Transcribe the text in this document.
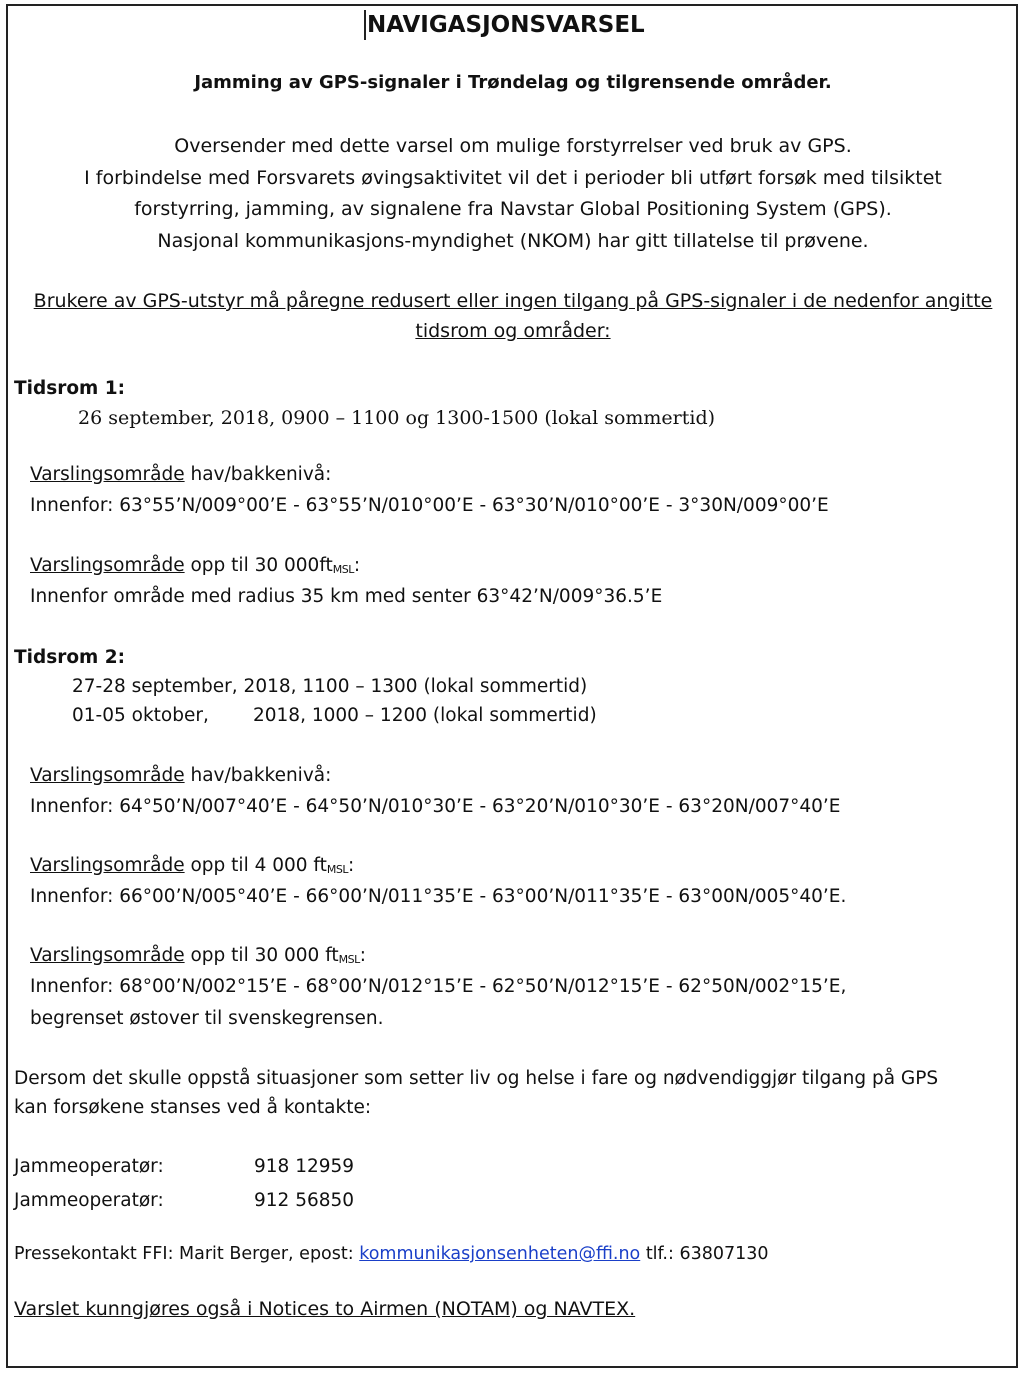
NAVIGASJONSVARSEL
Jamming av GPS-signaler i Trøndelag og tilgrensende områder.
Oversender med dette varsel om mulige forstyrrelser ved bruk av GPS.
I forbindelse med Forsvarets øvingsaktivitet vil det i perioder bli utført forsøk med tilsiktet
forstyrring, jamming, av signalene fra Navstar Global Positioning System (GPS).
Nasjonal kommunikasjons-myndighet (NKOM) har gitt tillatelse til prøvene.
Brukere av GPS-utstyr må påregne redusert eller ingen tilgang på GPS-signaler i de nedenfor angitte
tidsrom og områder:
Tidsrom 1:
26 september, 2018, 0900 – 1100 og 1300-1500 (lokal sommertid)
Varslingsområde hav/bakkenivå:
Innenfor: 63°55’N/009°00’E - 63°55’N/010°00’E - 63°30’N/010°00’E - 3°30N/009°00’E
Varslingsområde opp til 30 $000ft_{MSL}$:
Innenfor område med radius 35 km med senter 63°42’N/009°36.5’E
Tidsrom 2:
27-28 september, 2018, 1100 – 1300 (lokal sommertid)
01-05 oktober, 2018, 1000 – 1200 (lokal sommertid)
Varslingsområde hav/bakkenivå:
Innenfor: 64°50’N/007°40’E - 64°50’N/010°30’E - 63°20’N/010°30’E - 63°20N/007°40’E
Varslingsområde opp til 4 000 $ft_{MSL}$:
Innenfor: 66°00’N/005°40’E - 66°00’N/011°35’E - 63°00’N/011°35’E - 63°00N/005°40’E.
Varslingsområde opp til 30 000 $ft_{MSL}$:
Innenfor: 68°00’N/002°15’E - 68°00’N/012°15’E - 62°50’N/012°15’E - 62°50N/002°15’E,
begrenset østover til svenskegrensen.
Dersom det skulle oppstå situasjoner som setter liv og helse i fare og nødvendiggjør tilgang på GPS
kan forsøkene stanses ved å kontakte:
Jammeoperatør:	918 12959
Jammeoperatør:	912 56850
Pressekontakt FFI: Marit Berger, epost: kommunikasjonsenheten@ffi.no tlf.: 63807130
Varslet kunngjøres også i Notices to Airmen (NOTAM) og NAVTEX.
